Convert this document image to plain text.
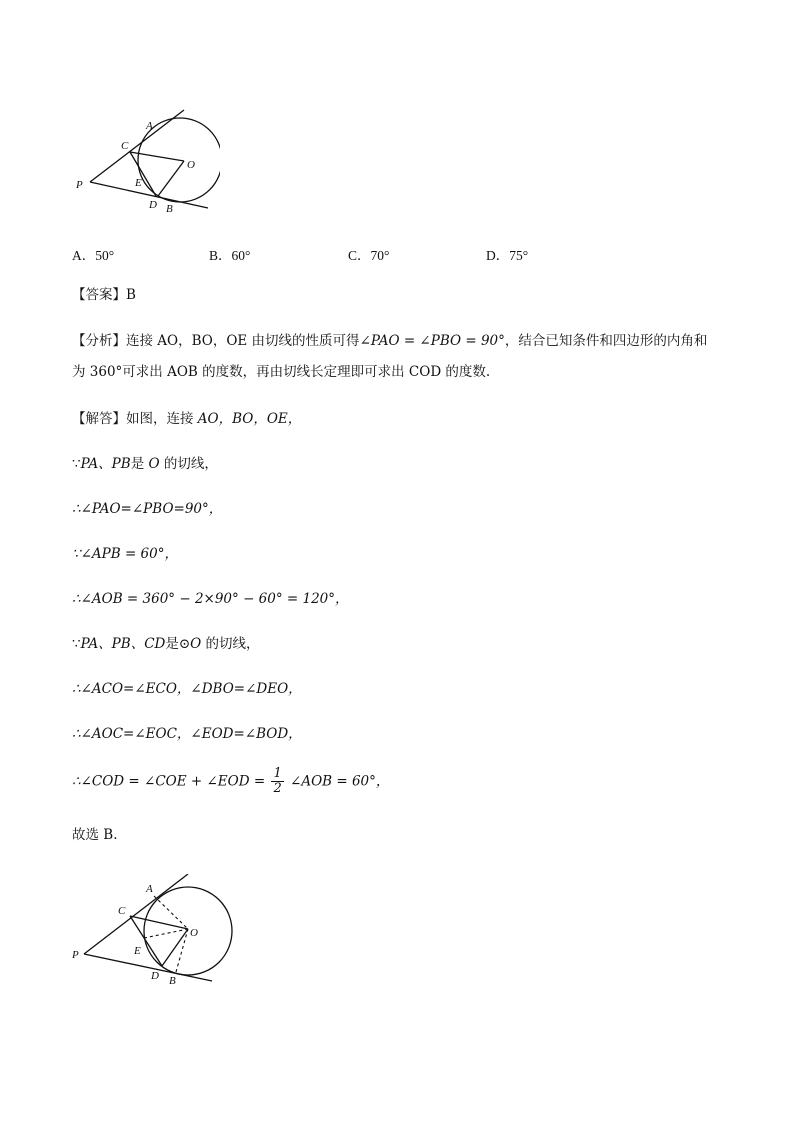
A
C
O
P	E
D B
A．50°	B．60°	C．70°	D．75°
【答案】B
【分析】连接 AO，BO，OE 由切线的性质可得∠PAO = ∠PBO = 90°，结合已知条件和四边形的内角和
为 360°可求出 AOB 的度数，再由切线长定理即可求出 COD 的度数.
【解答】如图，连接 AO，BO，OE，
∵PA、PB是 O 的切线，
∴∠PAO=∠PBO=90°，
∵∠APB = 60°，
∴∠AOB = 360° − 2×90° − 60° = 120°，
∵PA、PB、CD是⊙O 的切线，
∴∠ACO=∠ECO，∠DBO=∠DEO，
∴∠AOC=∠EOC，∠EOD=∠BOD，
∴∠COD = ∠COE + ∠EOD = $\frac{1}{2}$ ∠AOB = 60°，
故选 B.
A
C
O
P	E
D B
